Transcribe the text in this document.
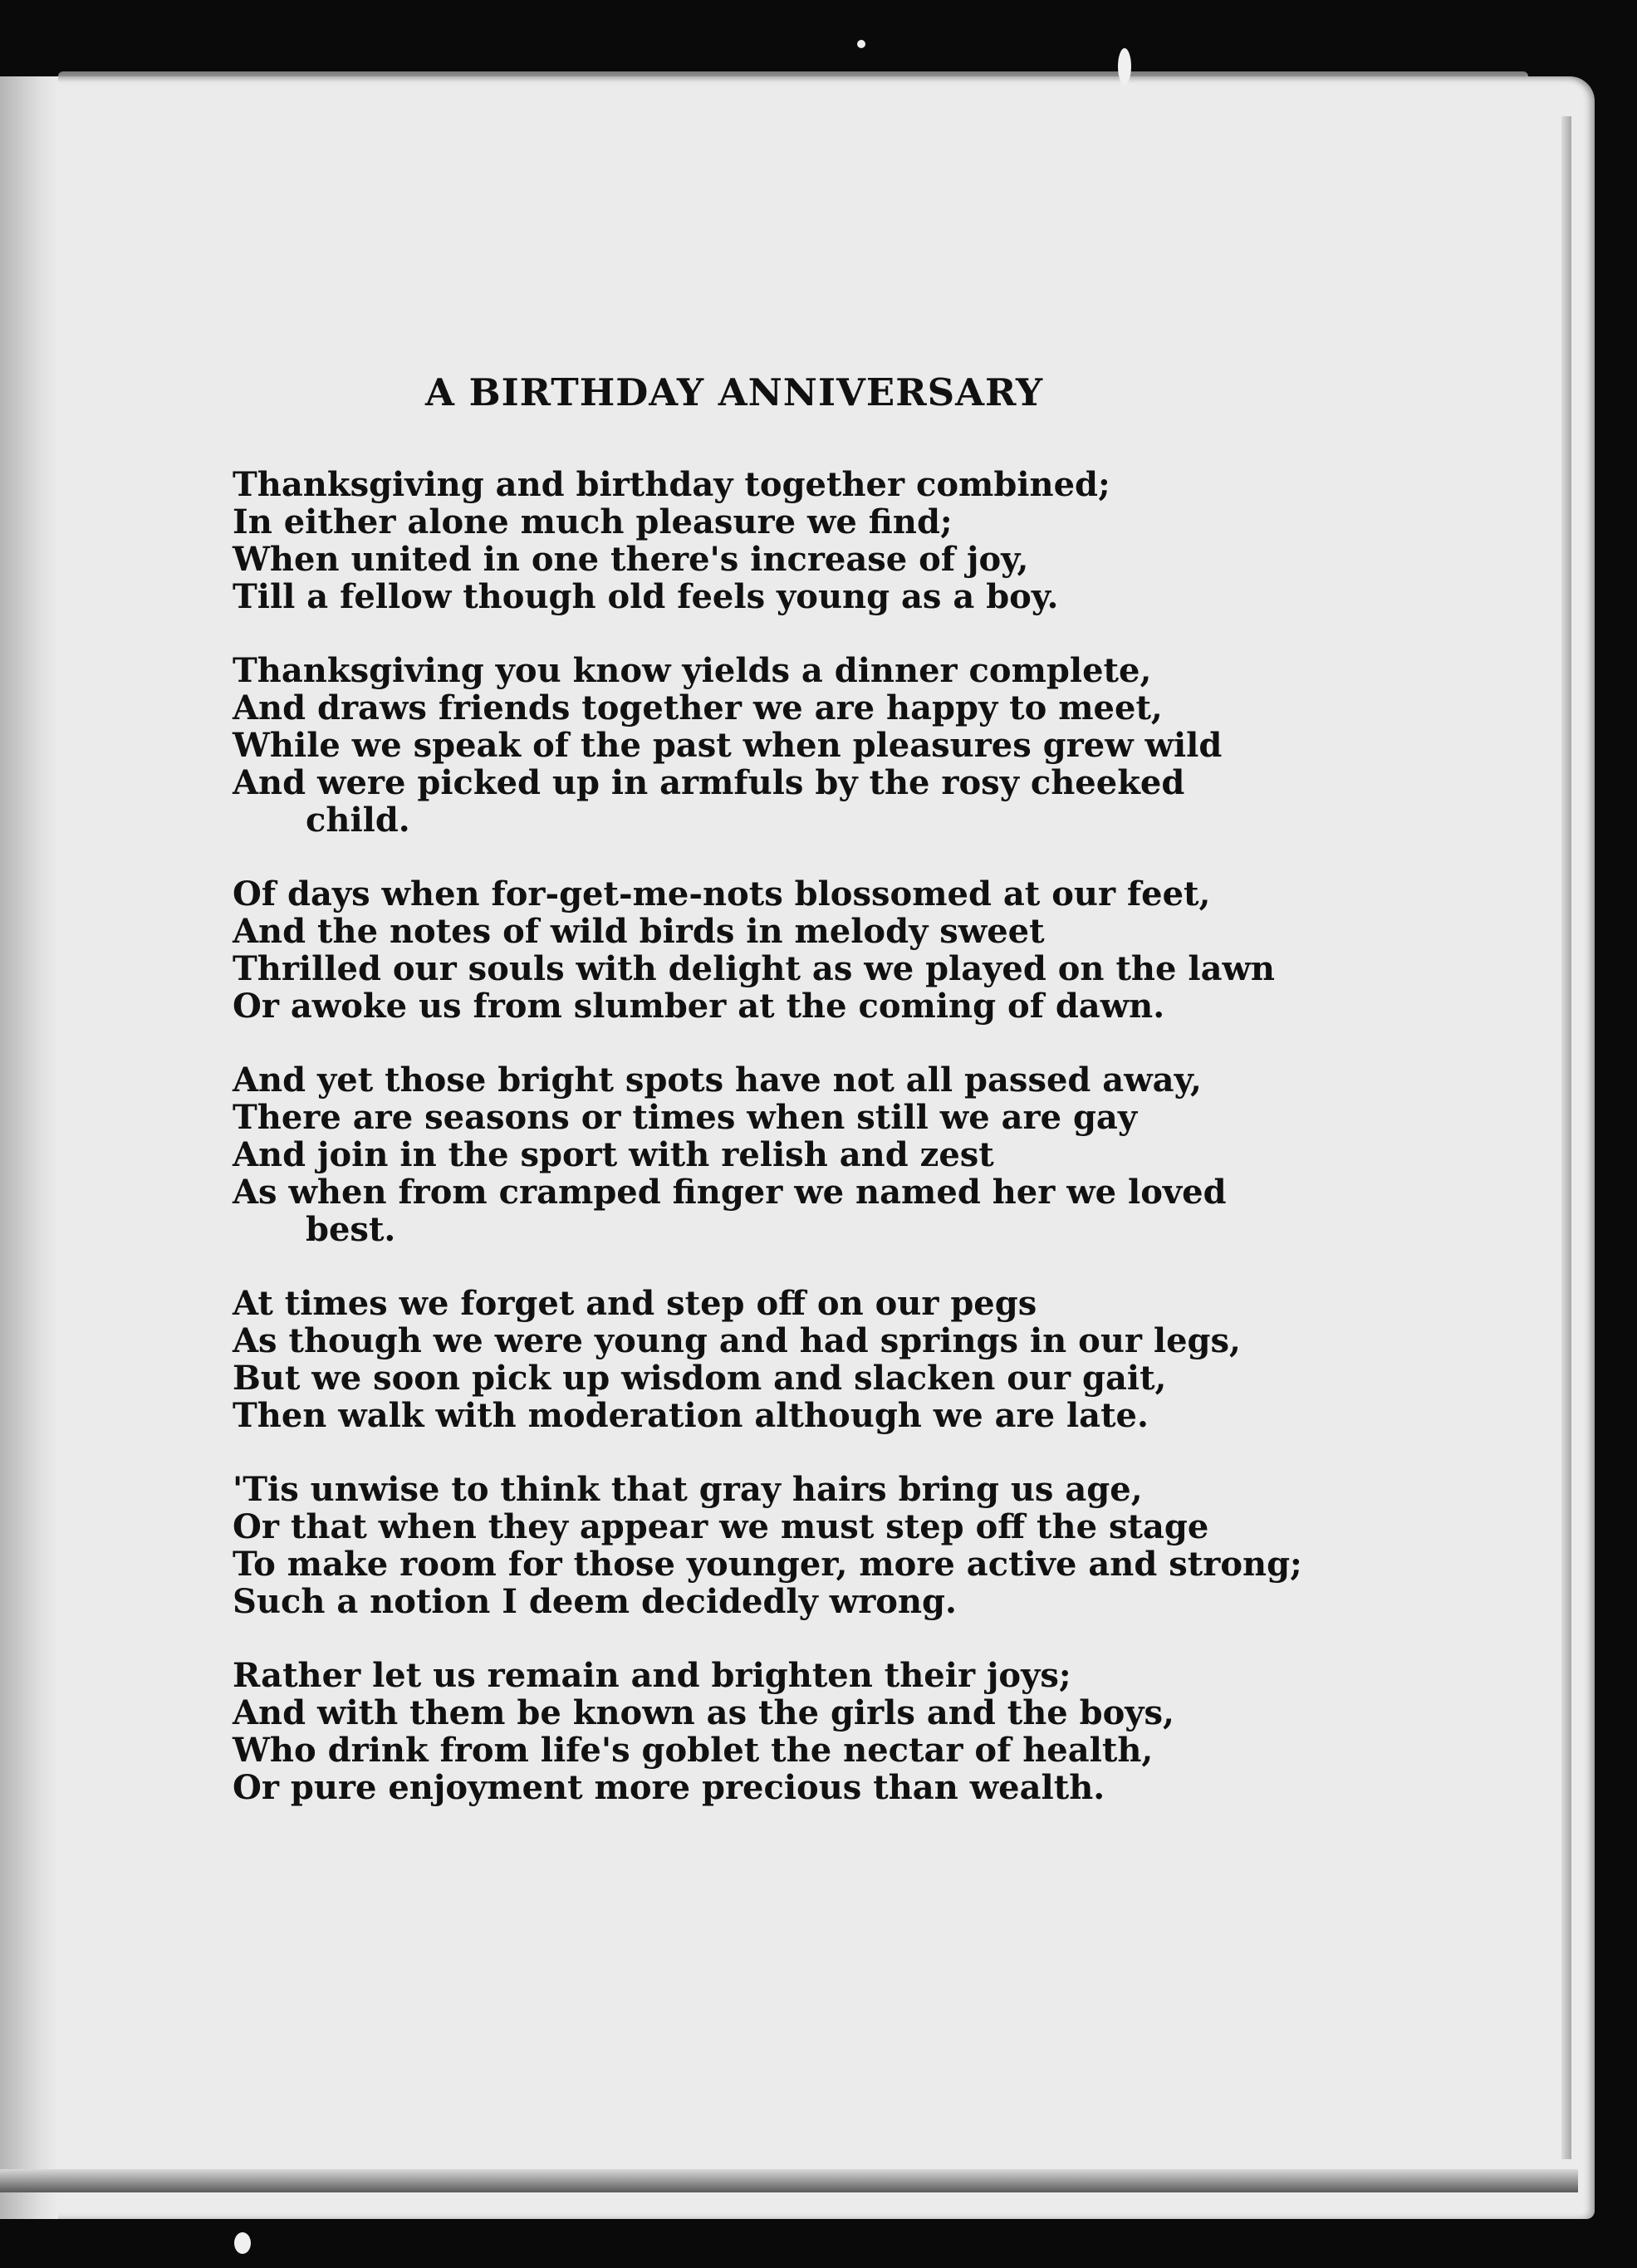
A BIRTHDAY ANNIVERSARY
Thanksgiving and birthday together combined;
In either alone much pleasure we find;
When united in one there's increase of joy,
Till a fellow though old feels young as a boy.
Thanksgiving you know yields a dinner complete,
And draws friends together we are happy to meet,
While we speak of the past when pleasures grew wild
And were picked up in armfuls by the rosy cheeked
child.
Of days when for-get-me-nots blossomed at our feet,
And the notes of wild birds in melody sweet
Thrilled our souls with delight as we played on the lawn
Or awoke us from slumber at the coming of dawn.
And yet those bright spots have not all passed away,
There are seasons or times when still we are gay
And join in the sport with relish and zest
As when from cramped finger we named her we loved
best.
At times we forget and step off on our pegs
As though we were young and had springs in our legs,
But we soon pick up wisdom and slacken our gait,
Then walk with moderation although we are late.
'Tis unwise to think that gray hairs bring us age,
Or that when they appear we must step off the stage
To make room for those younger, more active and strong;
Such a notion I deem decidedly wrong.
Rather let us remain and brighten their joys;
And with them be known as the girls and the boys,
Who drink from life's goblet the nectar of health,
Or pure enjoyment more precious than wealth.
